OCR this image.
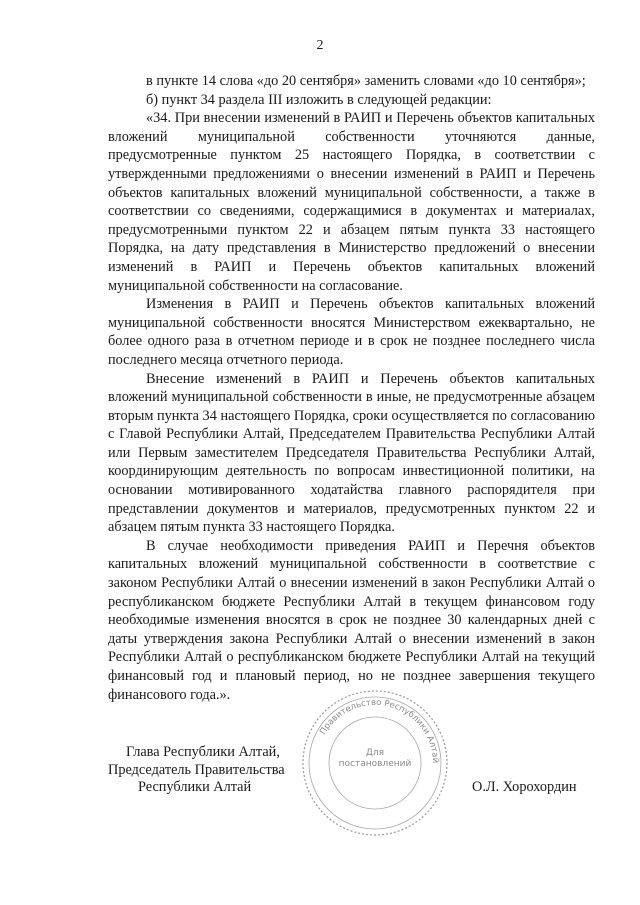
2

в пункте 14 слова «до 20 сентября» заменить словами «до 10 сентября»;

б) пункт 34 раздела III изложить в следующей редакции:

«34. При внесении изменений в РАИП и Перечень объектов капитальных вложений муниципальной собственности уточняются данные, предусмотренные пунктом 25 настоящего Порядка, в соответствии с утвержденными предложениями о внесении изменений в РАИП и Перечень объектов капитальных вложений муниципальной собственности, а также в соответствии со сведениями, содержащимися в документах и материалах, предусмотренными пунктом 22 и абзацем пятым пункта 33 настоящего Порядка, на дату представления в Министерство предложений о внесении изменений в РАИП и Перечень объектов капитальных вложений муниципальной собственности на согласование.

Изменения в РАИП и Перечень объектов капитальных вложений муниципальной собственности вносятся Министерством ежеквартально, не более одного раза в отчетном периоде и в срок не позднее последнего числа последнего месяца отчетного периода.

Внесение изменений в РАИП и Перечень объектов капитальных вложений муниципальной собственности в иные, не предусмотренные абзацем вторым пункта 34 настоящего Порядка, сроки осуществляется по согласованию с Главой Республики Алтай, Председателем Правительства Республики Алтай или Первым заместителем Председателя Правительства Республики Алтай, координирующим деятельность по вопросам инвестиционной политики, на основании мотивированного ходатайства главного распорядителя при представлении документов и материалов, предусмотренных пунктом 22 и абзацем пятым пункта 33 настоящего Порядка.

В случае необходимости приведения РАИП и Перечня объектов капитальных вложений муниципальной собственности в соответствие с законом Республики Алтай о внесении изменений в закон Республики Алтай о республиканском бюджете Республики Алтай в текущем финансовом году необходимые изменения вносятся в срок не позднее 30 календарных дней с даты утверждения закона Республики Алтай о внесении изменений в закон Республики Алтай о республиканском бюджете Республики Алтай на текущий финансовый год и плановый период, но не позднее завершения текущего финансового года.».

Правительство Республики Алтай
Для
постановлений
Глава Республики Алтай,
Председатель Правительства
Республики Алтай	О.Л. Хорохордин
